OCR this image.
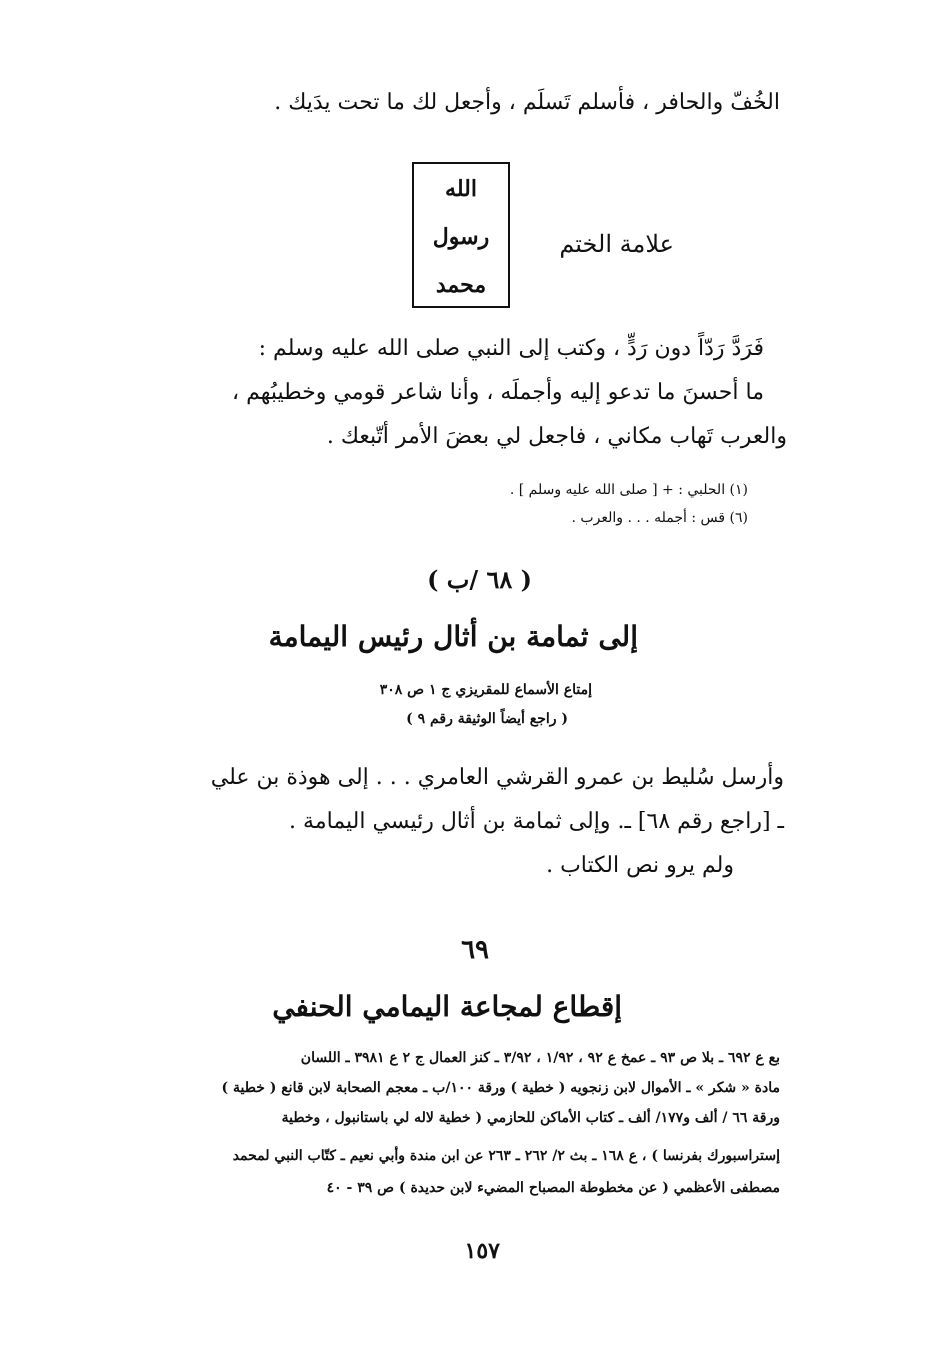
الخُفّ والحافر ، فأسلم تَسلَم ، وأجعل لك ما تحت يدَيك .
علامة الختم
الله
رسول
محمد
فَرَدَّ رَدّاً دون رَدٍّ ، وكتب إلى النبي صلى الله عليه وسلم :
ما أحسنَ ما تدعو إليه وأجملَه ، وأنا شاعر قومي وخطيبُهم ،
والعرب تَهاب مكاني ، فاجعل لي بعضَ الأمر أتّبعك .
(١) الحلبي : + [ صلى الله عليه وسلم ] .
(٦) قس : أجمله . . . والعرب .
( ٦٨ /ب )
إلى ثمامة بن أثال رئيس اليمامة
إمتاع الأسماع للمقريزي ج ١ ص ٣٠٨
( راجع أيضاً الوثيقة رقم ٩ )
وأرسل سُليط بن عمرو القرشي العامري . . . إلى هوذة بن علي
ـ [راجع رقم ٦٨] ـ. وإلى ثمامة بن أثال رئيسي اليمامة .
ولم يرو نص الكتاب .
٦٩
إقطاع لمجاعة اليمامي الحنفي
بع ع ٦٩٢ ـ بلا ص ٩٣ ـ عمخ ع ٩٢ ، ١/٩٢ ، ٣/٩٢ ـ كنز العمال ج ٢ ع ٣٩٨١ ـ اللسان
مادة « شكر » ـ الأموال لابن زنجويه ( خطية ) ورقة ١٠٠/ب ـ معجم الصحابة لابن قانع ( خطية )
ورقة ٦٦ / ألف و١٧٧/ ألف ـ كتاب الأماكن للحازمي ( خطية لاله لي باستانبول ، وخطية
إستراسبورك بفرنسا ) ، ع ١٦٨ ـ بث ٢/ ٢٦٢ ـ ٢٦٣ عن ابن مندة وأبي نعيم ـ كتّاب النبي لمحمد
مصطفى الأعظمي ( عن مخطوطة المصباح المضيء لابن حديدة ) ص ٣٩ - ٤٠
١٥٧
